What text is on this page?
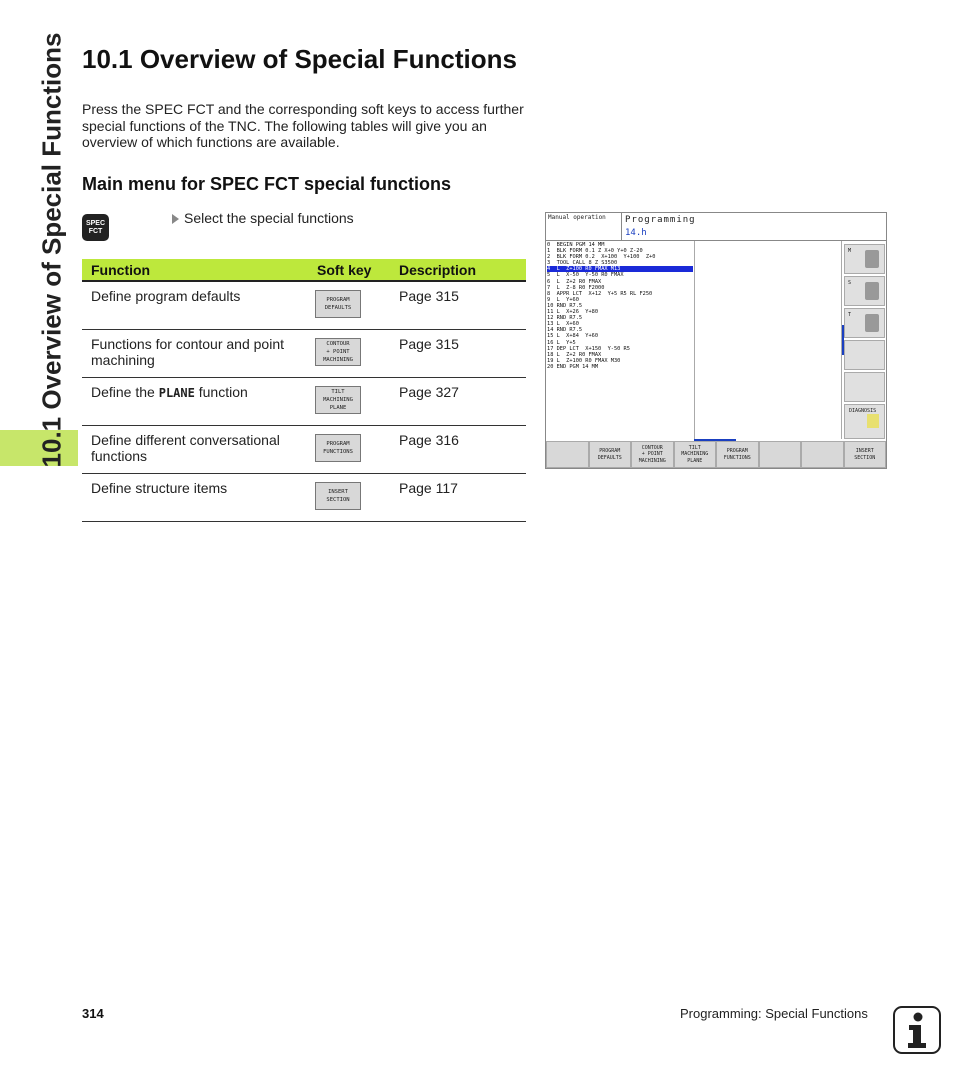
10.1 Overview of Special Functions 10.1 Overview of Special Functions

Press the SPEC FCT and the corresponding soft keys to access further special functions of the TNC. The following tables will give you an overview of which functions are available.

Main menu for SPEC FCT special functions
SPEC
FCT
Select the special functions
Function	Soft key	Description
Define program defaults	PROGRAM
DEFAULTS	Page 315
Functions for contour and point machining	CONTOUR
+ POINT
MACHINING	Page 315
Define the PLANE function	TILT
MACHINING
PLANE	Page 327
Define different conversational functions	PROGRAM
FUNCTIONS	Page 316
Define structure items	INSERT
SECTION	Page 117
Manual operation Programming
14.h
0  BEGIN PGM 14 MM
1  BLK FORM 0.1 Z X+0 Y+0 Z-20
2  BLK FORM 0.2  X+100  Y+100  Z+0
3  TOOL CALL 8 Z S3500
4  L  Z+100 R0 FMAX M13
5  L  X-50  Y-50 R0 FMAX
6  L  Z+2 R0 FMAX
7  L  Z-8 R0 F2000
8  APPR LCT  X+12  Y+5 R5 RL F250
9  L  Y+60
10 RND R7.5
11 L  X+26  Y+80
12 RND R7.5
13 L  X+60
14 RND R7.5
15 L  X+84  Y+60
16 L  Y+5
17 DEP LCT  X+150  Y-50 R5
18 L  Z+2 R0 FMAX
19 L  Z+100 R0 FMAX M30
20 END PGM 14 MM
M
S
T
DIAGNOSIS
PROGRAM
DEFAULTS
CONTOUR
+ POINT
MACHINING
TILT
MACHINING
PLANE
PROGRAM
FUNCTIONS
INSERT
SECTION
314	Programming: Special Functions
